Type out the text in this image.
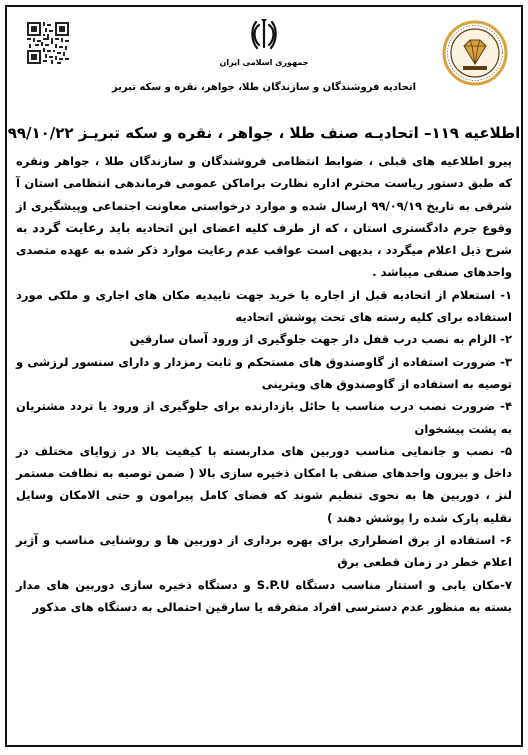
جمهوری اسلامی ایران
اتحادیه فروشندگان و سازندگان طلا، جواهر، نقره و سکه تبریز
اطلاعیه ۱۱۹– اتحادیـه صنف طلا ، جواهر ، نقره و سکه تبریـز ۹۹/۱۰/۲۲

پیرو اطلاعیه های قبلی ، ضوابط انتظامی فروشندگان و سازندگان طلا ، جواهر ونقره که طبق دستور ریاست محترم اداره نظارت براماکن عمومی فرماندهی انتظامی استان آ شرقی به تاریخ ۹۹/۰۹/۱۹ ارسال شده و موارد درخواستی معاونت اجتماعی وپیشگیری از وقوع جرم دادگستری استان ، که از طرف کلیه اعضای این اتحادیه باید رعایت گردد به شرح ذیل اعلام میگردد ، بدیهی است عواقب عدم رعایت موارد ذکر شده به عهده متصدی واحدهای صنفی میباشد .

۱- استعلام از اتحادیه قبل از اجاره یا خرید جهت تاییدیه مکان های اجاری و ملکی مورد استفاده برای کلیه رسته های تحت پوشش اتحادیه

۲- الزام به نصب درب قفل دار جهت جلوگیری از ورود آسان سارقین

۳- ضرورت استفاده از گاوصندوق های مستحکم و ثابت رمزدار و دارای سنسور لرزشی و توصیه به استفاده از گاوصندوق های ویترینی

۴- ضرورت نصب درب مناسب یا حائل بازدارنده برای جلوگیری از ورود یا تردد مشتریان به پشت پیشخوان

۵- نصب و جانمایی مناسب دوربین های مداربسته با کیفیت بالا در زوایای مختلف در داخل و بیرون واحدهای صنفی با امکان ذخیره سازی بالا ( ضمن توصیه به نظافت مستمر لنز ، دوربین ها به نحوی تنظیم شوند که فضای کامل پیرامون و حتی الامکان وسایل نقلیه پارک شده را پوشش دهند )

۶- استفاده از برق اضطراری برای بهره برداری از دوربین ها و روشنایی مناسب و آژیر اعلام خطر در زمان قطعی برق

۷-مکان یابی و استتار مناسب دستگاه S.P.U و دستگاه ذخیره سازی دوربین های مدار بسته به منظور عدم دسترسی افراد متفرقه یا سارقین احتمالی به دستگاه های مذکور
